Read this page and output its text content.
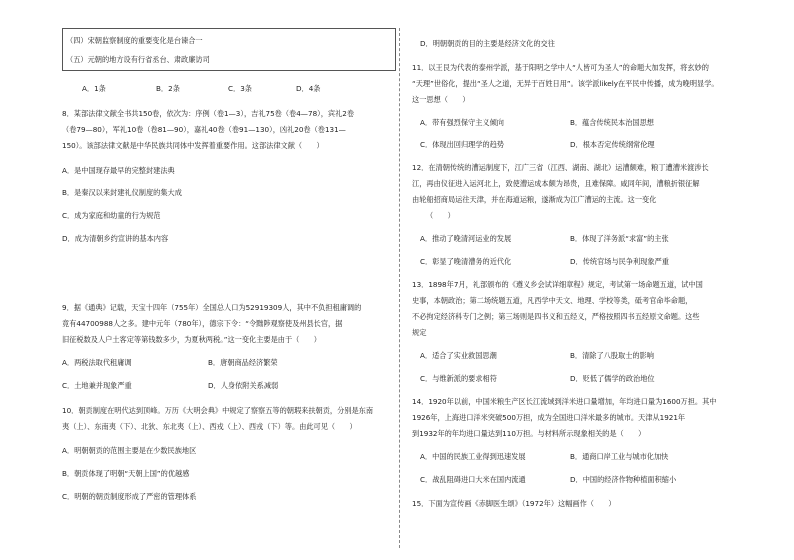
（四）宋朝监察制度的重要变化是台谏合一
（五）元朝的地方设有行省丞台、肃政廉访司
A．1条	B．2条	C．3条	D．4条
8．某部法律文献全书共150卷，依次为：序例（卷1—3），吉礼75卷（卷4—78），宾礼2卷
（卷79—80），军礼10卷（卷81—90），嘉礼40卷（卷91—130），凶礼20卷（卷131—
150）。该部法律文献是中华民族共同体中发挥着重要作用。这部法律文献（　　）
A．是中国现存最早的完整封建法典
B．是秦汉以来封建礼仪制度的集大成
C．成为家庭和幼童的行为规范
D．成为清朝乡约宣讲的基本内容
9．据《通典》记载，天宝十四年（755年）全国总人口为52919309人，其中不负担租庸调的
竟有44700988人之多。建中元年（780年），德宗下令：“令黜陟观察使及州县长官，据
旧征税数及人户土客定等第钱数多少，为夏秋两税。”这一变化主要是由于（　　）
A．两税法取代租庸调	B．唐朝商品经济繁荣
C．土地兼并现象严重	D．人身依附关系减弱
10．朝贡制度在明代达到顶峰。万历《大明会典》中规定了察察五等的朝瑕来扶朝贡，分别是东南
夷（上）、东南夷（下）、北狄、东北夷（上）、西戎（上）、西戎（下）等。由此可见（　　）
A．明朝朝贡的范围主要是在少数民族地区
B．朝贡体现了明朝“天朝上国”的优越感
C．明朝的朝贡制度形成了严密的管理体系
D．明朝朝贡的目的主要是经济文化的交往
11．以王艮为代表的泰州学派，基于阳明之学中人“人皆可为圣人”的命题大加发挥，将玄妙的
“天理”世俗化，提出“圣人之道，无异于百姓日用”。该学派likely在平民中传播，成为晚明显学。
这一思想（　　）
A．带有强烈保守主义倾向	B．蕴含传统民本治国思想
C．体现出回归理学的趋势	D．根本否定传统纲常伦理
12．在清朝传统的漕运制度下，江广三省（江西、湖南、湖北）运漕颇难，粮丁遭漕米渡涉长
江，再由仪征进入运河北上，致使漕运成本颇为昂贵，且难保障。咸同年间，漕粮折银征解
由轮船招商局运往天津，并在海道运粮，遂渐成为江广漕运的主流。这一变化
（　　）
A．推动了晚清河运业的发展	B．体现了洋务派“求富”的主张
C．彰显了晚清漕务的近代化	D．传统官场与民争利现象严重
13．1898年7月，礼部颁布的《遵义乡会试详细章程》规定，考试第一场命题五道，试中国
史事，本朝政治；第二场统题五道，凡西学中天文、地理、学校等类，砥考官命毕命题，
不必拘定经济科专门之例；第三场则是四书义和五经义，严格按照四书五经原文命题。这些
规定
A．适合了实业救国思潮	B．清除了八股取士的影响
C．与维新派的要求相符	D．贬低了儒学的政治地位
14．1920年以前，中国米粮生产区长江流域到洋米进口量增加，年均进口量为1600万担。其中
1926年，上海进口洋米突破500万担，成为全国进口洋米最多的城市。天津从1921年
到1932年的年均进口量达到110万担。与材料所示现象相关的是（　　）
A．中国的民族工业得到迅速发展	B．通商口岸工业与城市化加快
C．战乱阻碍进口大米在国内流通	D．中国的经济作物种植面积缩小
15．下面为宣传画《赤脚医生颂》（1972年）这幅画作（　　）
